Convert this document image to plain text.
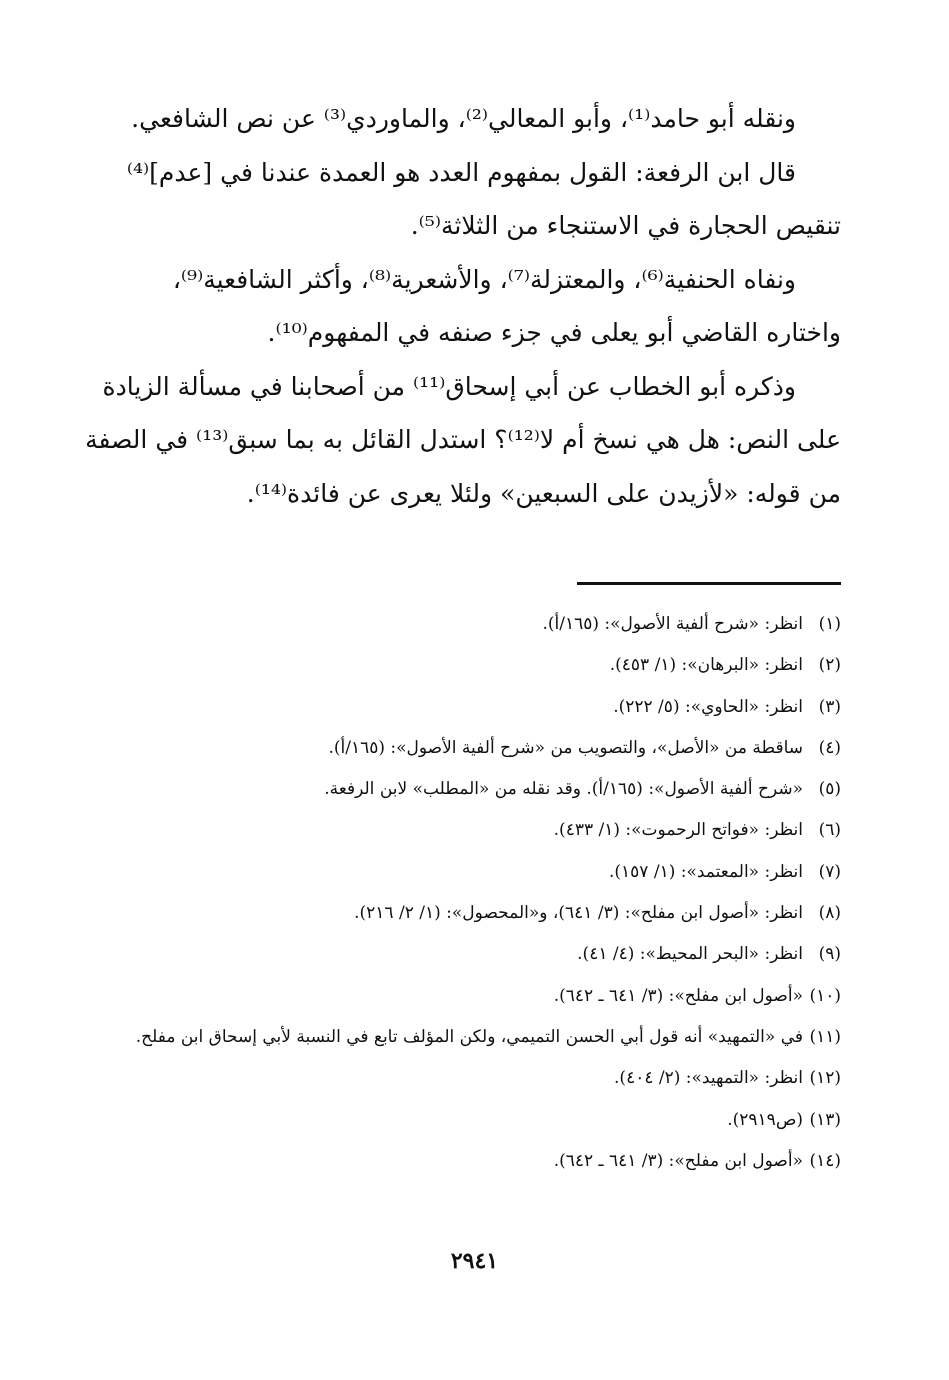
ونقله أبو حامد⁽¹⁾، وأبو المعالي⁽²⁾، والماوردي⁽³⁾ عن نص الشافعي.
قال ابن الرفعة: القول بمفهوم العدد هو العمدة عندنا في [عدم]⁽⁴⁾
تنقيص الحجارة في الاستنجاء من الثلاثة⁽⁵⁾.
ونفاه الحنفية⁽⁶⁾، والمعتزلة⁽⁷⁾، والأشعرية⁽⁸⁾، وأكثر الشافعية⁽⁹⁾،
واختاره القاضي أبو يعلى في جزء صنفه في المفهوم⁽¹⁰⁾.
وذكره أبو الخطاب عن أبي إسحاق⁽¹¹⁾ من أصحابنا في مسألة الزيادة
على النص: هل هي نسخ أم لا⁽¹²⁾؟ استدل القائل به بما سبق⁽¹³⁾ في الصفة
من قوله: «لأزيدن على السبعين» ولئلا يعرى عن فائدة⁽¹⁴⁾.
(١)
انظر: «شرح ألفية الأصول»: (١٦٥/أ).
(٢)
انظر: «البرهان»: (١/ ٤٥٣).
(٣)
انظر: «الحاوي»: (٥/ ٢٢٢).
(٤)
ساقطة من «الأصل»، والتصويب من «شرح ألفية الأصول»: (١٦٥/أ).
(٥)
«شرح ألفية الأصول»: (١٦٥/أ). وقد نقله من «المطلب» لابن الرفعة.
(٦)
انظر: «فواتح الرحموت»: (١/ ٤٣٣).
(٧)
انظر: «المعتمد»: (١/ ١٥٧).
(٨)
انظر: «أصول ابن مفلح»: (٣/ ٦٤١)، و«المحصول»: (١/ ٢/ ٢١٦).
(٩)
انظر: «البحر المحيط»: (٤/ ٤١).
(١٠)
«أصول ابن مفلح»: (٣/ ٦٤١ ـ ٦٤٢).
(١١)
في «التمهيد» أنه قول أبي الحسن التميمي، ولكن المؤلف تابع في النسبة لأبي إسحاق ابن مفلح.
(١٢)
انظر: «التمهيد»: (٢/ ٤٠٤).
(١٣)
(ص٢٩١٩).
(١٤)
«أصول ابن مفلح»: (٣/ ٦٤١ ـ ٦٤٢).
٢٩٤١
